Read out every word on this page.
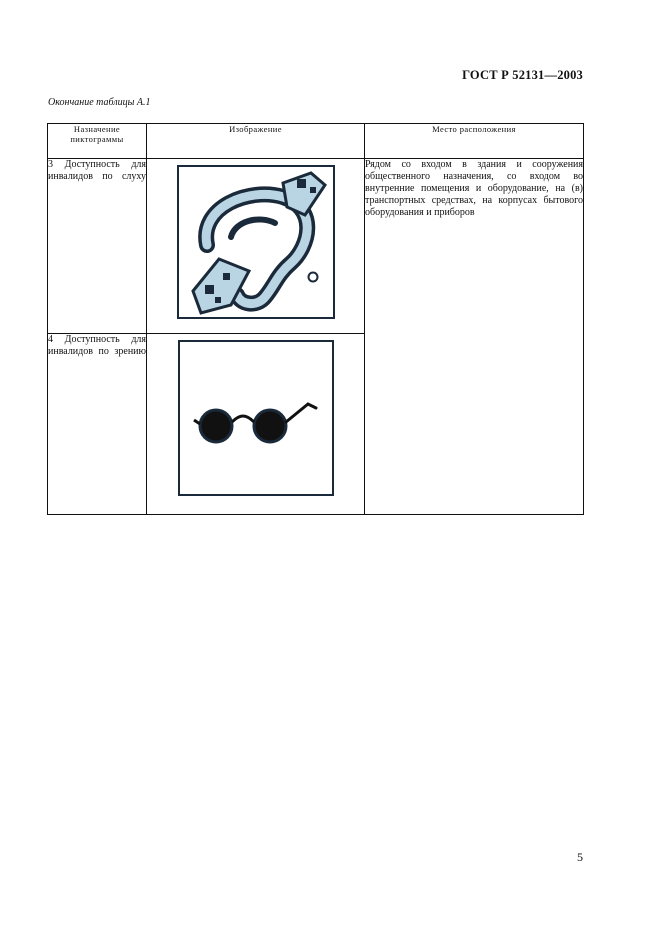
ГОСТ Р 52131—2003
Окончание таблицы А.1
Назначение пиктограммы	Изображение	Место расположения
3 Доступность для инвалидов по слуху		Рядом со входом в здания и сооружения общественного назначения, со входом во внутренние помещения и оборудование, на (в) транспортных средствах, на корпусах бытового оборудования и приборов
4 Доступность для инвалидов по зрению	
5
